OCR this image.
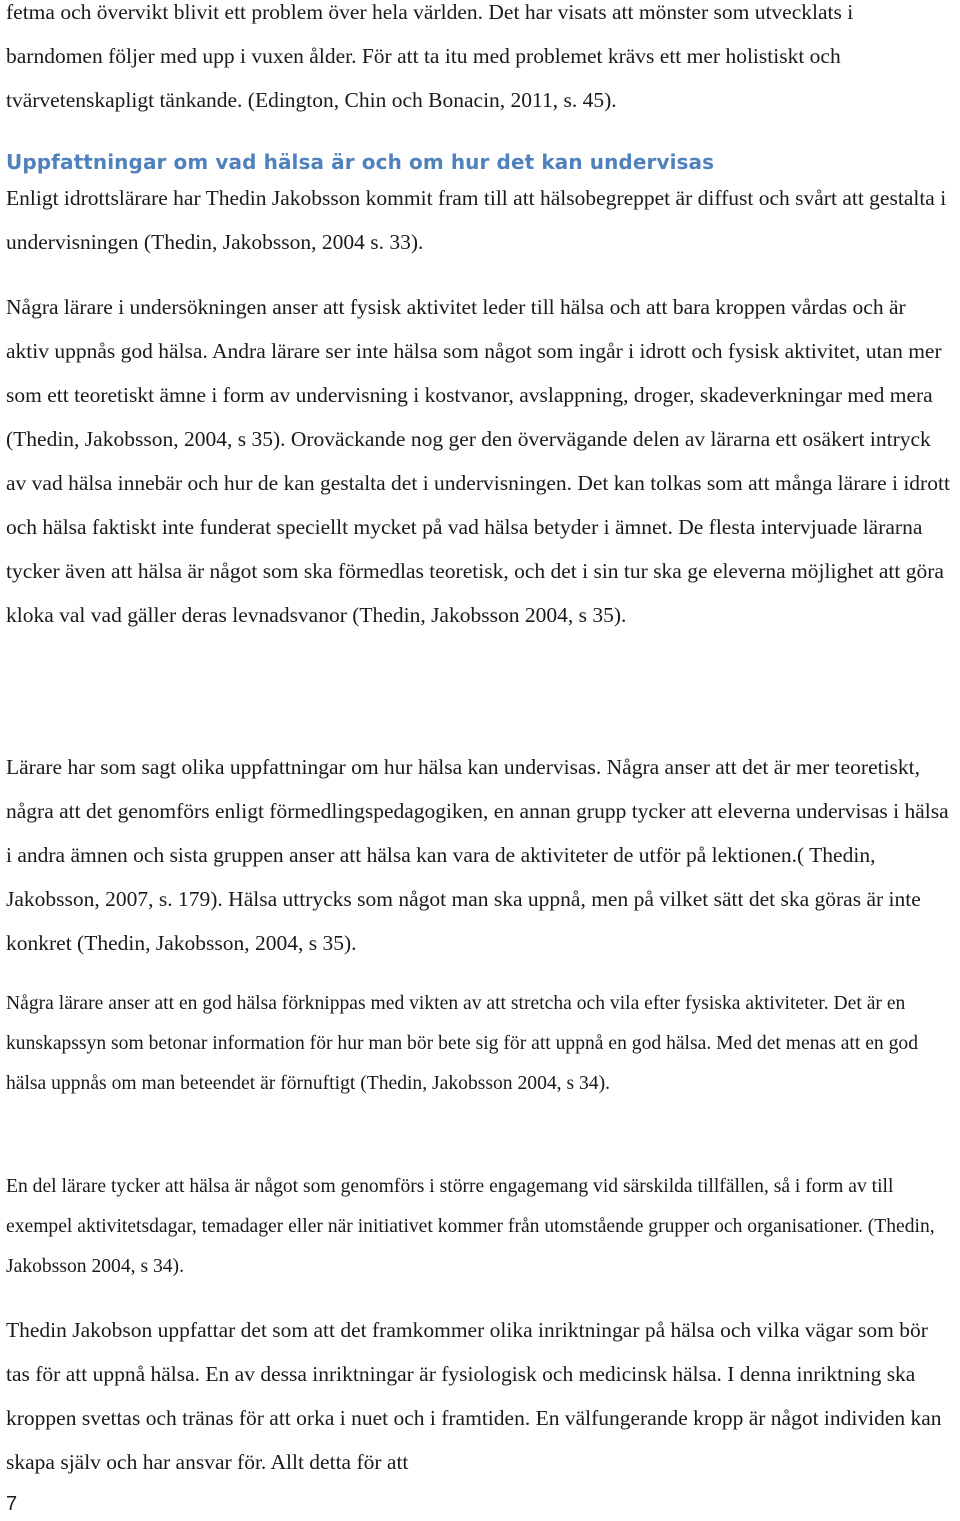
fetma och övervikt blivit ett problem över hela världen. Det har visats att mönster som utvecklats i barndomen följer med upp i vuxen ålder. För att ta itu med problemet krävs ett mer holistiskt och tvärvetenskapligt tänkande. (Edington, Chin och Bonacin, 2011, s. 45).

Uppfattningar om vad hälsa är och om hur det kan undervisas

Enligt idrottslärare har Thedin Jakobsson kommit fram till att hälsobegreppet är diffust och svårt att gestalta i undervisningen (Thedin, Jakobsson, 2004 s. 33).

Några lärare i undersökningen anser att fysisk aktivitet leder till hälsa och att bara kroppen vårdas och är aktiv uppnås god hälsa. Andra lärare ser inte hälsa som något som ingår i idrott och fysisk aktivitet, utan mer som ett teoretiskt ämne i form av undervisning i kostvanor, avslappning, droger, skadeverkningar med mera (Thedin, Jakobsson, 2004, s 35). Oroväckande nog ger den övervägande delen av lärarna ett osäkert intryck av vad hälsa innebär och hur de kan gestalta det i undervisningen. Det kan tolkas som att många lärare i idrott och hälsa faktiskt inte funderat speciellt mycket på vad hälsa betyder i ämnet. De flesta intervjuade lärarna tycker även att hälsa är något som ska förmedlas teoretisk, och det i sin tur ska ge eleverna möjlighet att göra kloka val vad gäller deras levnadsvanor (Thedin, Jakobsson 2004, s 35).

Lärare har som sagt olika uppfattningar om hur hälsa kan undervisas. Några anser att det är mer teoretiskt, några att det genomförs enligt förmedlingspedagogiken, en annan grupp tycker att eleverna undervisas i hälsa i andra ämnen och sista gruppen anser att hälsa kan vara de aktiviteter de utför på lektionen.( Thedin, Jakobsson, 2007, s. 179). Hälsa uttrycks som något man ska uppnå, men på vilket sätt det ska göras är inte konkret (Thedin, Jakobsson, 2004, s 35).

Några lärare anser att en god hälsa förknippas med vikten av att stretcha och vila efter fysiska aktiviteter. Det är en kunskapssyn som betonar information för hur man bör bete sig för att uppnå en god hälsa. Med det menas att en god hälsa uppnås om man beteendet är förnuftigt (Thedin, Jakobsson 2004, s 34).

En del lärare tycker att hälsa är något som genomförs i större engagemang vid särskilda tillfällen, så i form av till exempel aktivitetsdagar, temadager eller när initiativet kommer från utomstående grupper och organisationer. (Thedin, Jakobsson 2004, s 34).

Thedin Jakobson uppfattar det som att det framkommer olika inriktningar på hälsa och vilka vägar som bör tas för att uppnå hälsa. En av dessa inriktningar är fysiologisk och medicinsk hälsa. I denna inriktning ska kroppen svettas och tränas för att orka i nuet och i framtiden. En välfungerande kropp är något individen kan skapa själv och har ansvar för. Allt detta för att

7
